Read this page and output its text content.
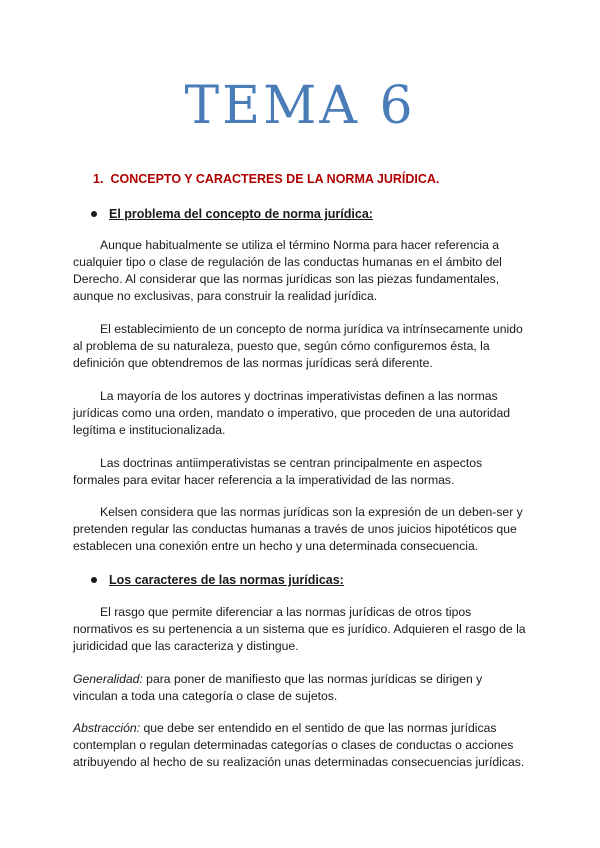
TEMA 6
1. CONCEPTO Y CARACTERES DE LA NORMA JURÍDICA.
El problema del concepto de norma jurídica:
Aunque habitualmente se utiliza el término Norma para hacer referencia a cualquier tipo o clase de regulación de las conductas humanas en el ámbito del Derecho. Al considerar que las normas jurídicas son las piezas fundamentales, aunque no exclusivas, para construir la realidad jurídica.
El establecimiento de un concepto de norma jurídica va intrínsecamente unido al problema de su naturaleza, puesto que, según cómo configuremos ésta, la definición que obtendremos de las normas jurídicas será diferente.
La mayoría de los autores y doctrinas imperativistas definen a las normas jurídicas como una orden, mandato o imperativo, que proceden de una autoridad legítima e institucionalizada.
Las doctrinas antiimperativistas se centran principalmente en aspectos formales para evitar hacer referencia a la imperatividad de las normas.
Kelsen considera que las normas jurídicas son la expresión de un deben-ser y pretenden regular las conductas humanas a través de unos juicios hipotéticos que establecen una conexión entre un hecho y una determinada consecuencia.
Los caracteres de las normas jurídicas:
El rasgo que permite diferenciar a las normas jurídicas de otros tipos normativos es su pertenencia a un sistema que es jurídico. Adquieren el rasgo de la juridicidad que las caracteriza y distingue.
Generalidad: para poner de manifiesto que las normas jurídicas se dirigen y vinculan a toda una categoría o clase de sujetos.
Abstracción: que debe ser entendido en el sentido de que las normas jurídicas contemplan o regulan determinadas categorías o clases de conductas o acciones atribuyendo al hecho de su realización unas determinadas consecuencias jurídicas.
